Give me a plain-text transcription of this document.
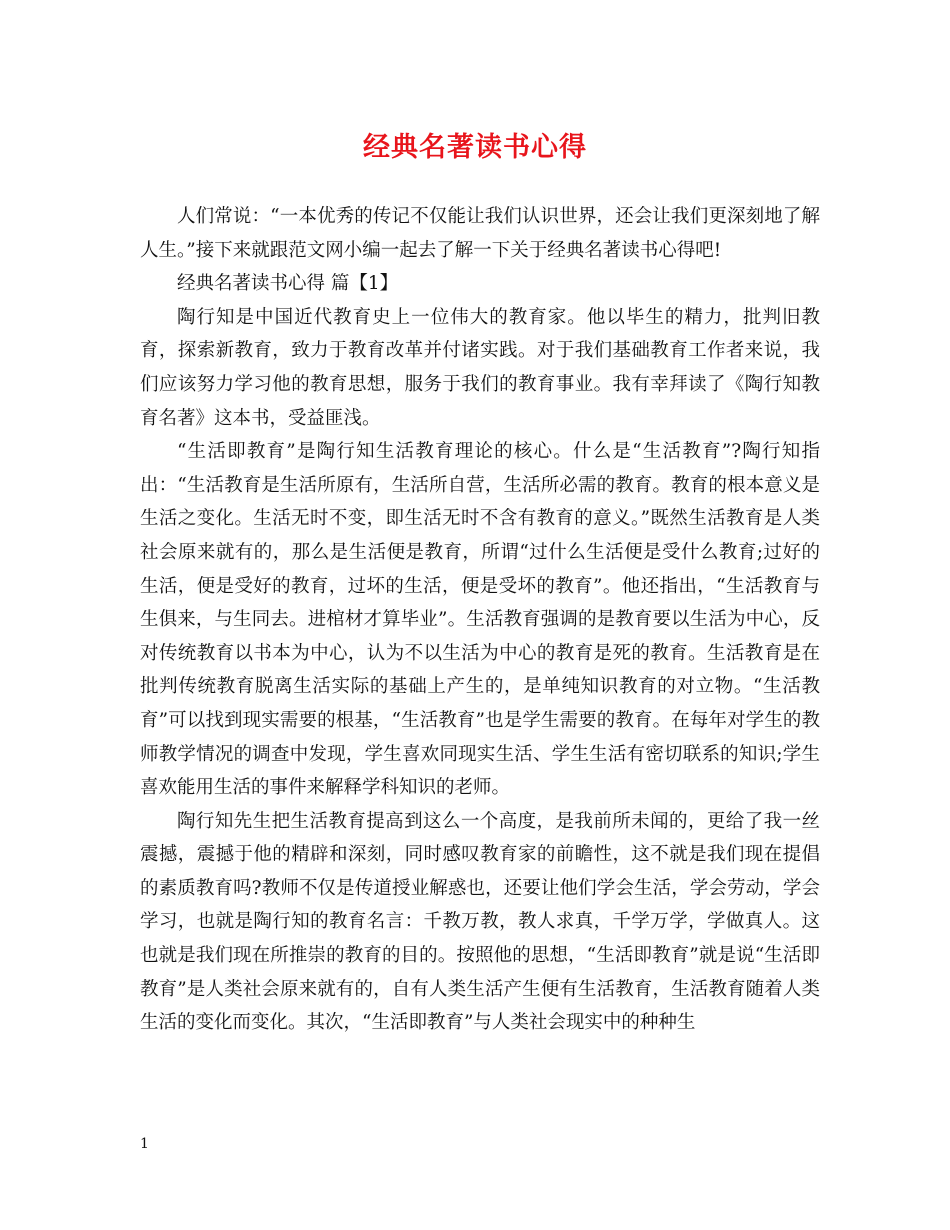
经典名著读书心得

人们常说：“一本优秀的传记不仅能让我们认识世界，还会让我们更深刻地了解人生。”接下来就跟范文网小编一起去了解一下关于经典名著读书心得吧!

经典名著读书心得 篇【1】

陶行知是中国近代教育史上一位伟大的教育家。他以毕生的精力，批判旧教育，探索新教育，致力于教育改革并付诸实践。对于我们基础教育工作者来说，我们应该努力学习他的教育思想，服务于我们的教育事业。我有幸拜读了《陶行知教育名著》这本书，受益匪浅。

“生活即教育”是陶行知生活教育理论的核心。什么是“生活教育”?陶行知指出：“生活教育是生活所原有，生活所自营，生活所必需的教育。教育的根本意义是生活之变化。生活无时不变，即生活无时不含有教育的意义。”既然生活教育是人类社会原来就有的，那么是生活便是教育，所谓“过什么生活便是受什么教育;过好的生活，便是受好的教育，过坏的生活，便是受坏的教育”。他还指出，“生活教育与生俱来，与生同去。进棺材才算毕业”。生活教育强调的是教育要以生活为中心，反对传统教育以书本为中心，认为不以生活为中心的教育是死的教育。生活教育是在批判传统教育脱离生活实际的基础上产生的，是单纯知识教育的对立物。“生活教育”可以找到现实需要的根基，“生活教育”也是学生需要的教育。在每年对学生的教师教学情况的调查中发现，学生喜欢同现实生活、学生生活有密切联系的知识;学生喜欢能用生活的事件来解释学科知识的老师。

陶行知先生把生活教育提高到这么一个高度，是我前所未闻的，更给了我一丝震撼，震撼于他的精辟和深刻，同时感叹教育家的前瞻性，这不就是我们现在提倡的素质教育吗?教师不仅是传道授业解惑也，还要让他们学会生活，学会劳动，学会学习，也就是陶行知的教育名言：千教万教，教人求真，千学万学，学做真人。这也就是我们现在所推崇的教育的目的。按照他的思想，“生活即教育”就是说“生活即教育”是人类社会原来就有的，自有人类生活产生便有生活教育，生活教育随着人类生活的变化而变化。其次，“生活即教育”与人类社会现实中的种种生

1
